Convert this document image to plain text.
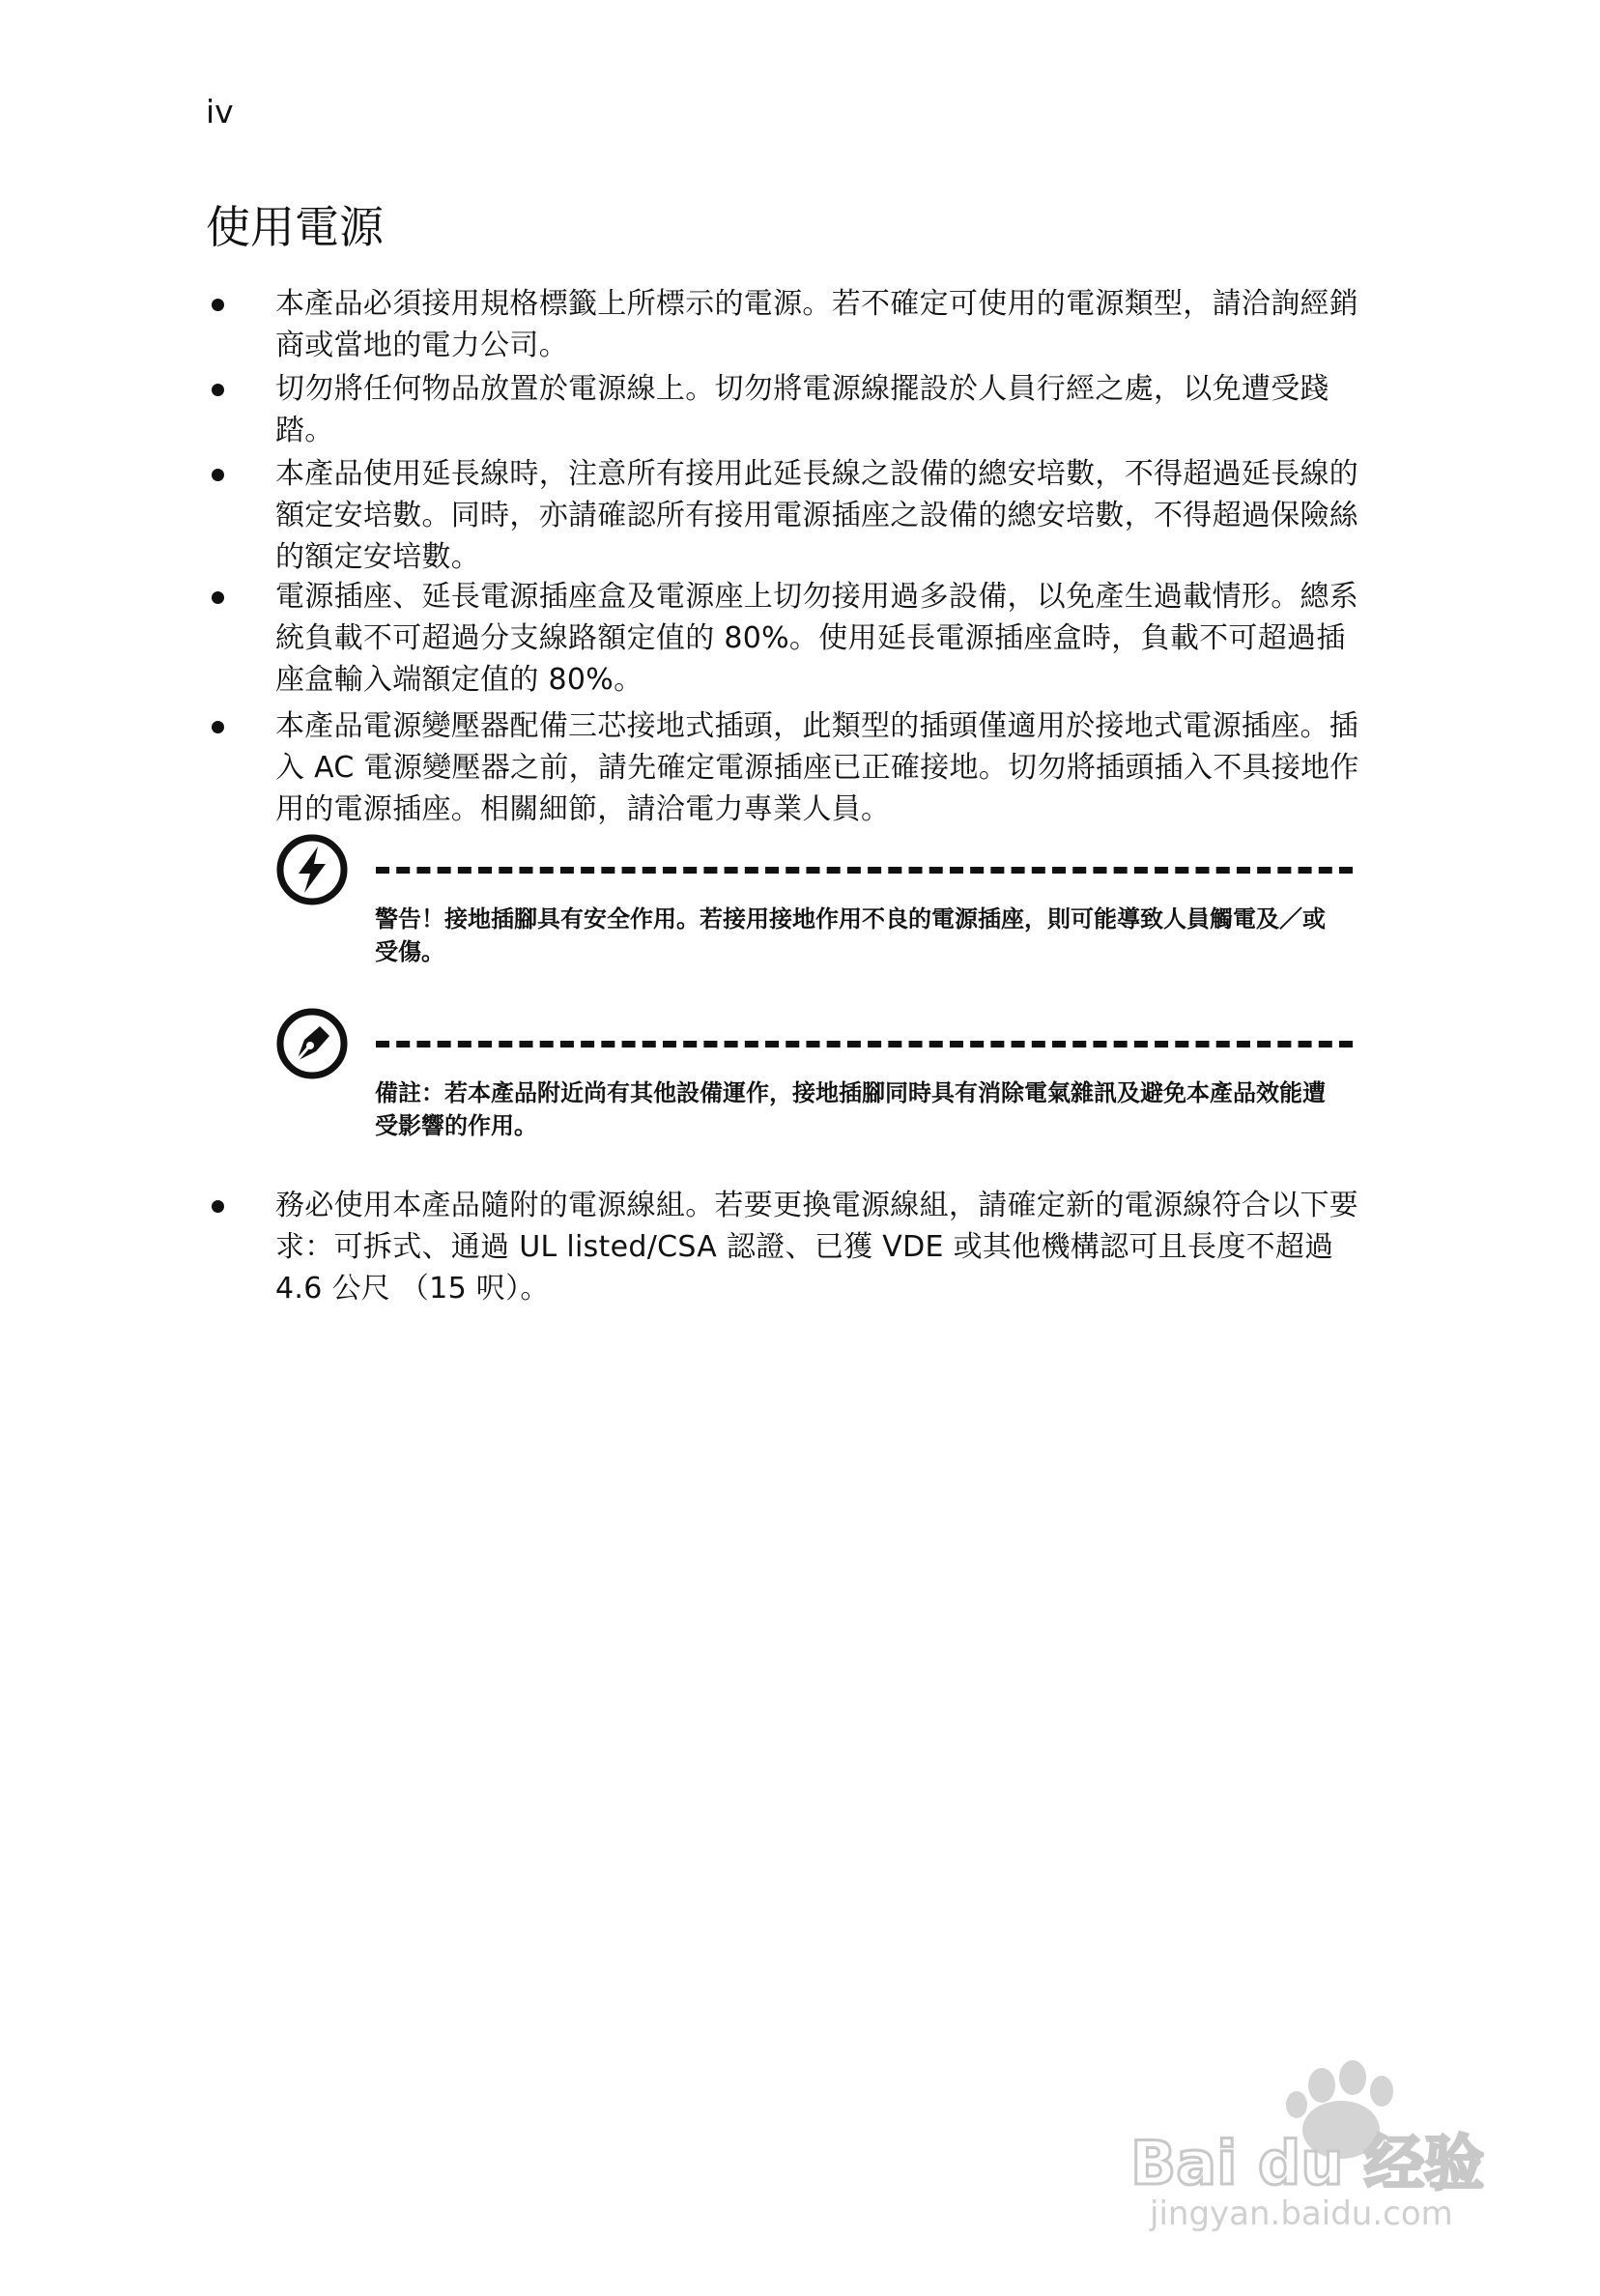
iv
使用電源
本產品必須接用規格標籤上所標示的電源。若不確定可使用的電源類型，請洽詢經銷商或當地的電力公司。
切勿將任何物品放置於電源線上。切勿將電源線擺設於人員行經之處，以免遭受踐踏。
本產品使用延長線時，注意所有接用此延長線之設備的總安培數，不得超過延長線的額定安培數。同時，亦請確認所有接用電源插座之設備的總安培數，不得超過保險絲的額定安培數。
電源插座、延長電源插座盒及電源座上切勿接用過多設備，以免產生過載情形。總系統負載不可超過分支線路額定值的 80%。使用延長電源插座盒時，負載不可超過插座盒輸入端額定值的 80%。
本產品電源變壓器配備三芯接地式插頭，此類型的插頭僅適用於接地式電源插座。插入 AC 電源變壓器之前，請先確定電源插座已正確接地。切勿將插頭插入不具接地作用的電源插座。相關細節，請洽電力專業人員。
警告！接地插腳具有安全作用。若接用接地作用不良的電源插座，則可能導致人員觸電及／或受傷。
備註：若本產品附近尚有其他設備運作，接地插腳同時具有消除電氣雜訊及避免本產品效能遭受影響的作用。
務必使用本產品隨附的電源線組。若要更換電源線組，請確定新的電源線符合以下要求：可拆式、通過 UL listed/CSA 認證、已獲 VDE 或其他機構認可且長度不超過 4.6 公尺 （15 呎）。
Bai du 经验
jingyan.baidu.com
